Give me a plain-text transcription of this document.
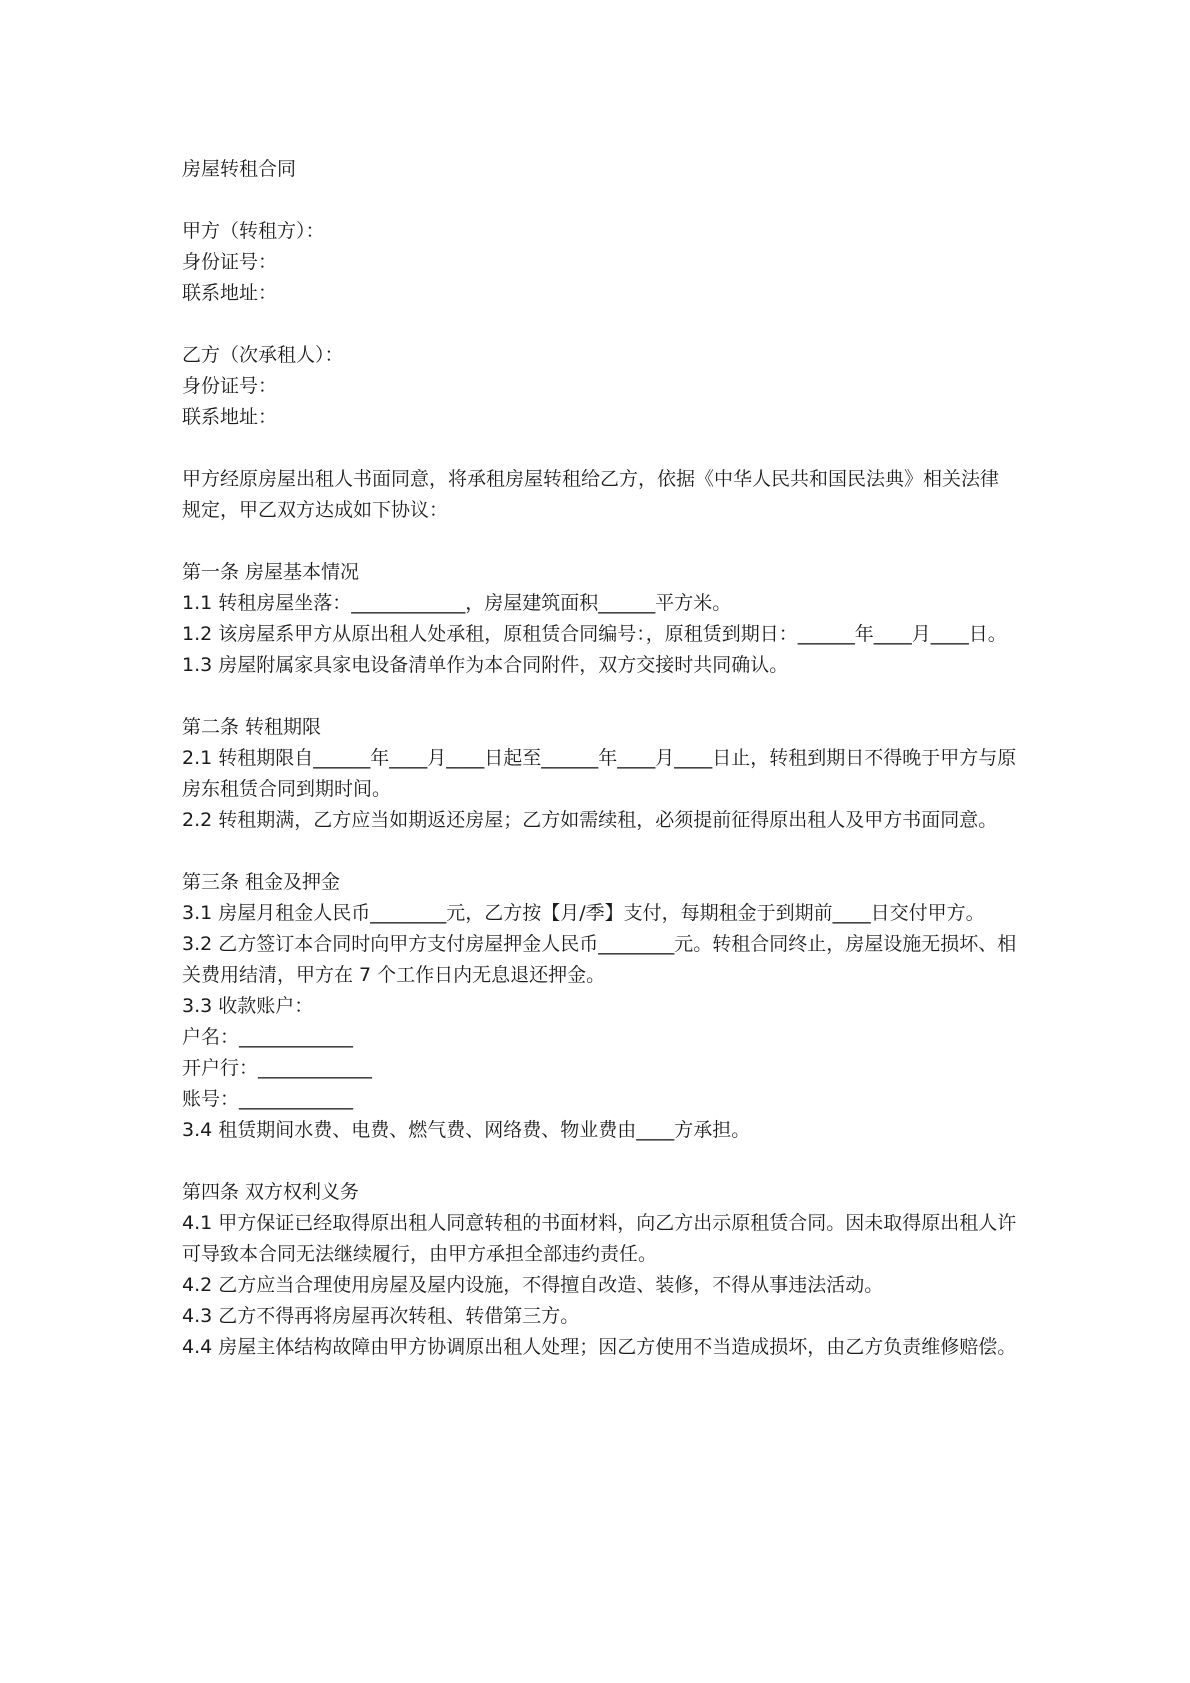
房屋转租合同

甲方（转租方）：

身份证号：

联系地址：

乙方（次承租人）：

身份证号：

联系地址：

甲方经原房屋出租人书面同意，将承租房屋转租给乙方，依据《中华人民共和国民法典》相关法律规定，甲乙双方达成如下协议：

第一条 房屋基本情况

1.1 转租房屋坐落：____________，房屋建筑面积______平方米。

1.2 该房屋系甲方从原出租人处承租，原租赁合同编号：，原租赁到期日：______年____月____日。

1.3 房屋附属家具家电设备清单作为本合同附件，双方交接时共同确认。

第二条 转租期限

2.1 转租期限自______年____月____日起至______年____月____日止，转租到期日不得晚于甲方与原房东租赁合同到期时间。

2.2 转租期满，乙方应当如期返还房屋；乙方如需续租，必须提前征得原出租人及甲方书面同意。

第三条 租金及押金

3.1 房屋月租金人民币________元，乙方按【月/季】支付，每期租金于到期前____日交付甲方。

3.2 乙方签订本合同时向甲方支付房屋押金人民币________元。转租合同终止，房屋设施无损坏、相关费用结清，甲方在 7 个工作日内无息退还押金。

3.3 收款账户：

户名：____________

开户行：____________

账号：____________

3.4 租赁期间水费、电费、燃气费、网络费、物业费由____方承担。

第四条 双方权利义务

4.1 甲方保证已经取得原出租人同意转租的书面材料，向乙方出示原租赁合同。因未取得原出租人许可导致本合同无法继续履行，由甲方承担全部违约责任。

4.2 乙方应当合理使用房屋及屋内设施，不得擅自改造、装修，不得从事违法活动。

4.3 乙方不得再将房屋再次转租、转借第三方。

4.4 房屋主体结构故障由甲方协调原出租人处理；因乙方使用不当造成损坏，由乙方负责维修赔偿。
